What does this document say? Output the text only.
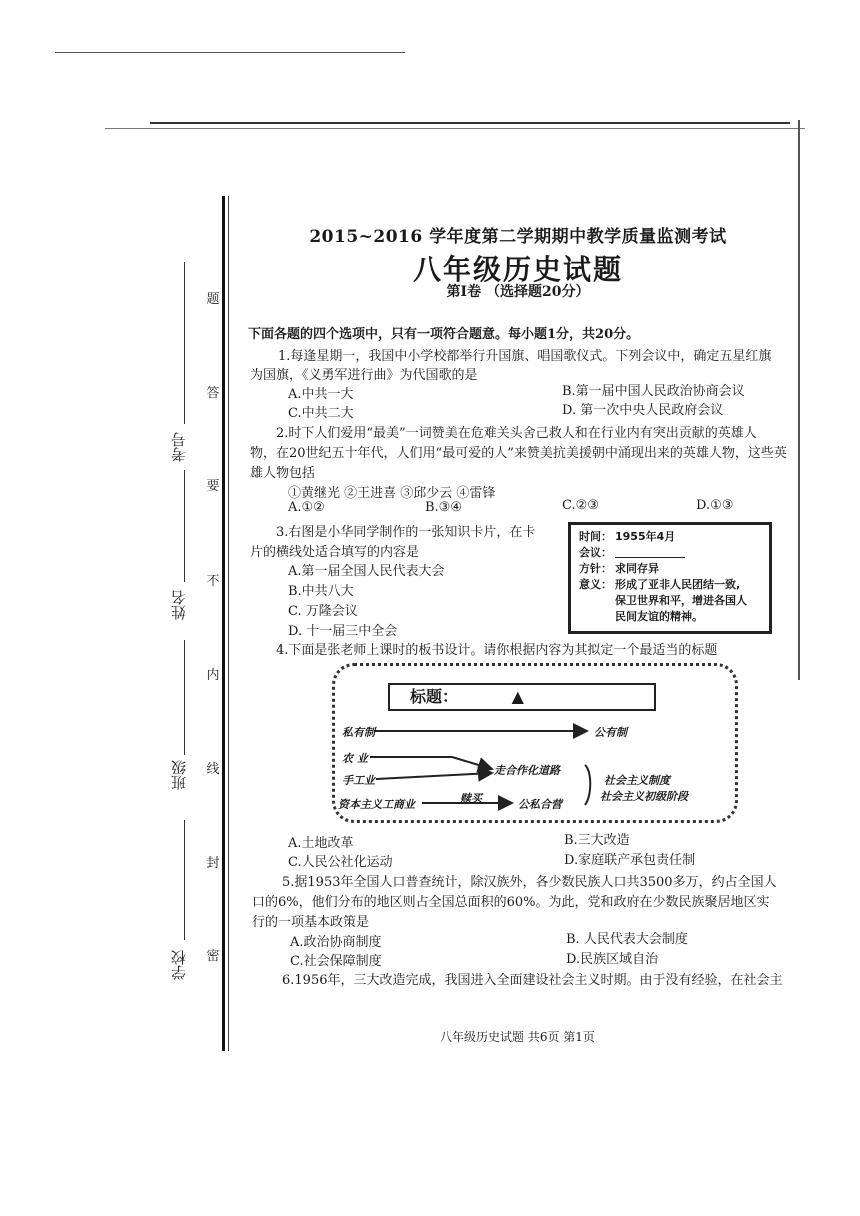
学校
班级
姓名
考号
密
封
线
内
不
要
答
题
2015~2016 学年度第二学期期中教学质量监测考试
八年级历史试题
第Ⅰ卷 （选择题20分）
下面各题的四个选项中，只有一项符合题意。每小题1分，共20分。
1.每逢星期一，我国中小学校都举行升国旗、唱国歌仪式。下列会议中，确定五星红旗
为国旗，《义勇军进行曲》为代国歌的是
A.中共一大	B.第一届中国人民政治协商会议
C.中共二大	D. 第一次中央人民政府会议
2.时下人们爱用“最美”一词赞美在危难关头舍己救人和在行业内有突出贡献的英雄人
物，在20世纪五十年代，人们用“最可爱的人”来赞美抗美援朝中涌现出来的英雄人物，这些英
雄人物包括
①黄继光 ②王进喜 ③邱少云 ④雷锋
A.①②	B.③④	C.②③	D.①③
3.右图是小华同学制作的一张知识卡片，在卡
片的横线处适合填写的内容是
A.第一届全国人民代表大会
B.中共八大
C. 万隆会议
D. 十一届三中全会
时间： 1955年4月
会议：
方针： 求同存异
意义： 形成了亚非人民团结一致,
保卫世界和平，增进各国人
民间友谊的精神。
4.下面是张老师上课时的板书设计。请你根据内容为其拟定一个最适当的标题
标题：	▲
私有制	公有制
农 业
手工业
走合作化道路
赎买
资本主义工商业	公私合营
社会主义制度
社会主义初级阶段
A.土地改革	B.三大改造
C.人民公社化运动	D.家庭联产承包责任制
5.据1953年全国人口普查统计，除汉族外，各少数民族人口共3500多万，约占全国人
口的6%，他们分布的地区则占全国总面积的60%。为此，党和政府在少数民族聚居地区实
行的一项基本政策是
A.政治协商制度	B. 人民代表大会制度
C.社会保障制度	D.民族区域自治
6.1956年，三大改造完成，我国进入全面建设社会主义时期。由于没有经验，在社会主
八年级历史试题 共6页 第1页
